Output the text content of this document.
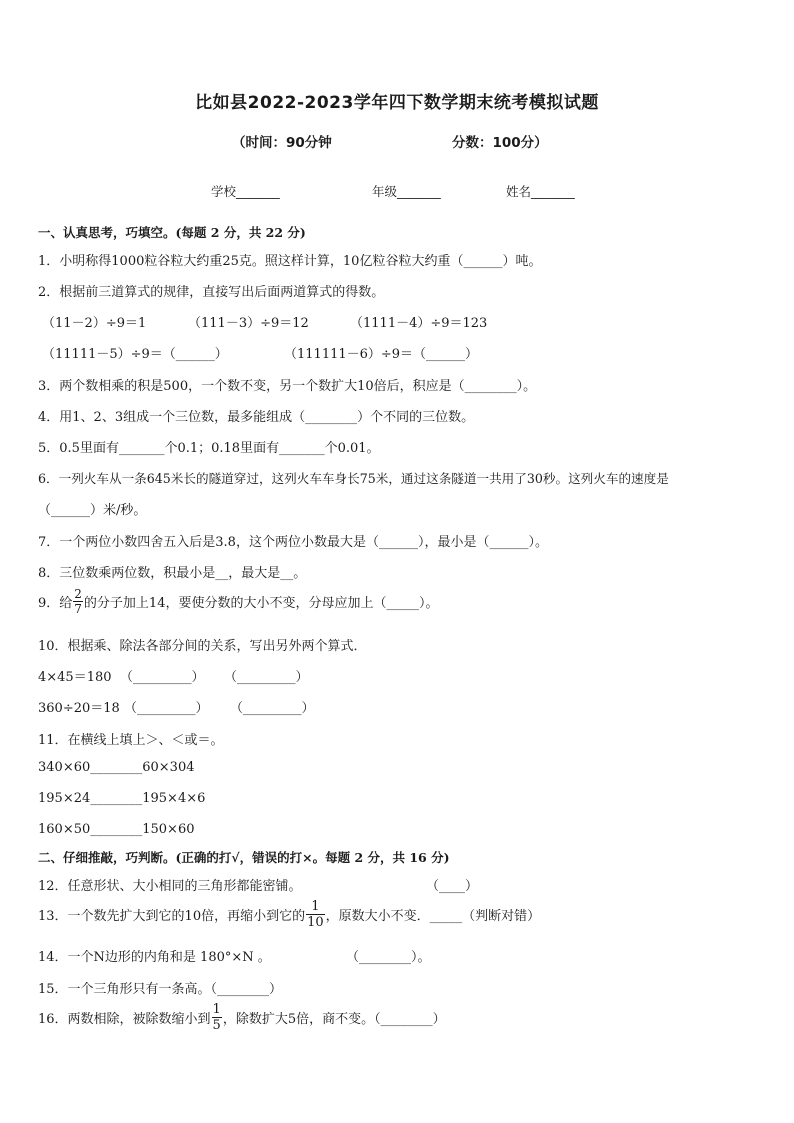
比如县2022-2023学年四下数学期末统考模拟试题
（时间：90分钟	分数：100分）
学校_______	年级_______	姓名_______
一、认真思考，巧填空。(每题 2 分，共 22 分)
1．小明称得1000粒谷粒大约重25克。照这样计算，10亿粒谷粒大约重（______）吨。
2．根据前三道算式的规律，直接写出后面两道算式的得数。
（11－2）÷9＝1	（111－3）÷9＝12	（1111－4）÷9＝123
（11111－5）÷9＝（______）	（111111－6）÷9＝（______）
3．两个数相乘的积是500，一个数不变，另一个数扩大10倍后，积应是（________）。
4．用1、2、3组成一个三位数，最多能组成（________）个不同的三位数。
5．0.5里面有_______个0.1；0.18里面有_______个0.01。
6．一列火车从一条645米长的隧道穿过，这列火车车身长75米，通过这条隧道一共用了30秒。这列火车的速度是
（______）米/秒。
7．一个两位小数四舍五入后是3.8，这个两位小数最大是（______），最小是（______）。
8．三位数乘两位数，积最小是__，最大是__。
9．给 $\frac{2}{7}$ 的分子加上14，要使分数的大小不变，分母应加上（_____）。
10．根据乘、除法各部分间的关系，写出另外两个算式．
4×45＝180 （_________） （_________）
360÷20＝18 （_________） （_________）
11．在横线上填上＞、＜或＝。
340×60________60×304
195×24________195×4×6
160×50________150×60
二、仔细推敲，巧判断。(正确的打√，错误的打×。每题 2 分，共 16 分)
12．任意形状、大小相同的三角形都能密铺。	（____）
13．一个数先扩大到它的10倍，再缩小到它的 $\frac{1}{10}$ ，原数大小不变．_____（判断对错）
14．一个N边形的内角和是 180°×N 。	（________）。
15．一个三角形只有一条高。（________）
16．两数相除，被除数缩小到 $\frac{1}{5}$ ，除数扩大5倍，商不变。（________）
